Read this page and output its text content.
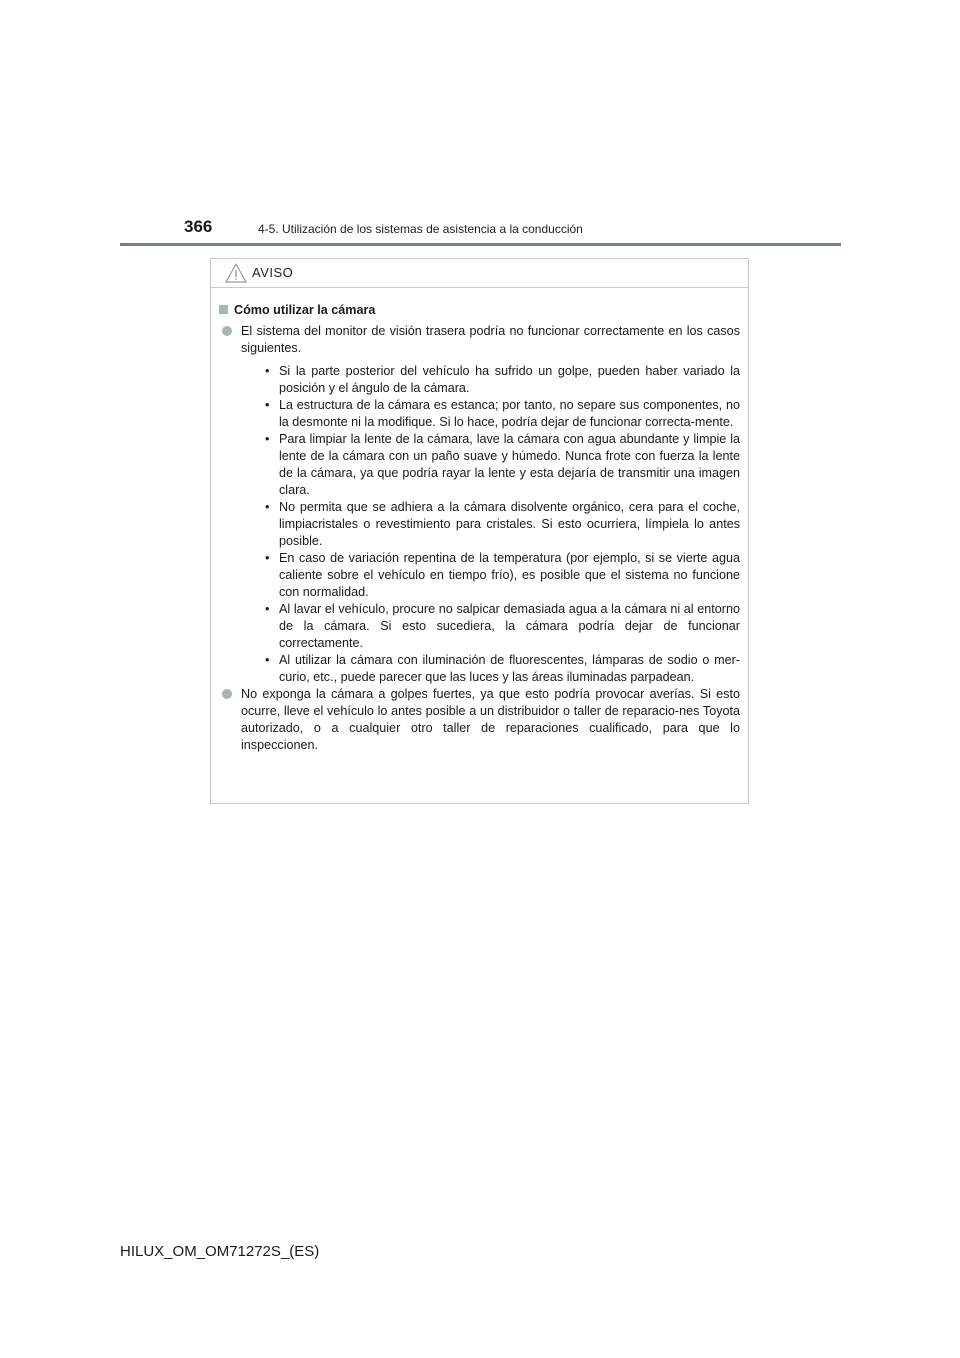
366	4-5. Utilización de los sistemas de asistencia a la conducción
AVISO
Cómo utilizar la cámara
El sistema del monitor de visión trasera podría no funcionar correctamente en los casos siguientes.
• Si la parte posterior del vehículo ha sufrido un golpe, pueden haber variado la posición y el ángulo de la cámara.
• La estructura de la cámara es estanca; por tanto, no separe sus componentes, no la desmonte ni la modifique. Si lo hace, podría dejar de funcionar correcta-mente.
• Para limpiar la lente de la cámara, lave la cámara con agua abundante y limpie la lente de la cámara con un paño suave y húmedo. Nunca frote con fuerza la lente de la cámara, ya que podría rayar la lente y esta dejaría de transmitir una imagen clara.
• No permita que se adhiera a la cámara disolvente orgánico, cera para el coche, limpiacristales o revestimiento para cristales. Si esto ocurriera, límpiela lo antes posible.
• En caso de variación repentina de la temperatura (por ejemplo, si se vierte agua caliente sobre el vehículo en tiempo frío), es posible que el sistema no funcione con normalidad.
• Al lavar el vehículo, procure no salpicar demasiada agua a la cámara ni al entorno de la cámara. Si esto sucediera, la cámara podría dejar de funcionar correctamente.
• Al utilizar la cámara con iluminación de fluorescentes, lámparas de sodio o mer-curio, etc., puede parecer que las luces y las áreas iluminadas parpadean.
No exponga la cámara a golpes fuertes, ya que esto podría provocar averías. Si esto ocurre, lleve el vehículo lo antes posible a un distribuidor o taller de reparacio-nes Toyota autorizado, o a cualquier otro taller de reparaciones cualificado, para que lo inspeccionen.
HILUX_OM_OM71272S_(ES)
